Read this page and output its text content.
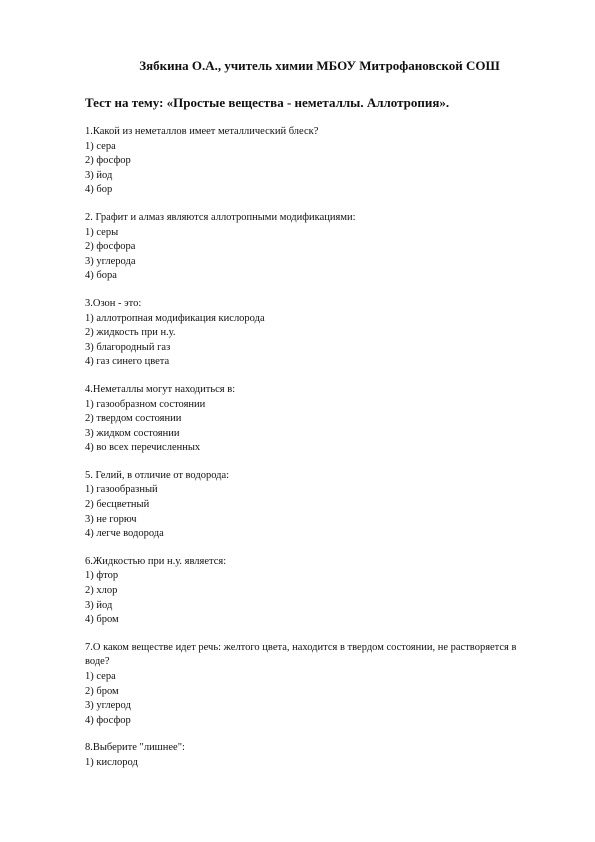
Зябкина О.А., учитель химии МБОУ Митрофановской СОШ
Тест на тему: «Простые вещества - неметаллы. Аллотропия».
1.Какой из неметаллов имеет металлический блеск?
1) сера
2) фосфор
3) йод
4) бор
2. Графит и алмаз являются аллотропными модификациями:
1) серы
2) фосфора
3) углерода
4) бора
3.Озон - это:
1) аллотропная модификация кислорода
2) жидкость при н.у.
3) благородный газ
4) газ синего цвета
4.Неметаллы могут находиться в:
1) газообразном состоянии
2) твердом состоянии
3) жидком состоянии
4) во всех перечисленных
5. Гелий, в отличие от водорода:
1) газообразный
2) бесцветный
3) не горюч
4) легче водорода
6.Жидкостью при н.у. является:
1) фтор
2) хлор
3) йод
4) бром
7.О каком веществе идет речь: желтого цвета, находится в твердом состоянии, не растворяется в воде?
1) сера
2) бром
3) углерод
4) фосфор
8.Выберите "лишнее":
1) кислород
